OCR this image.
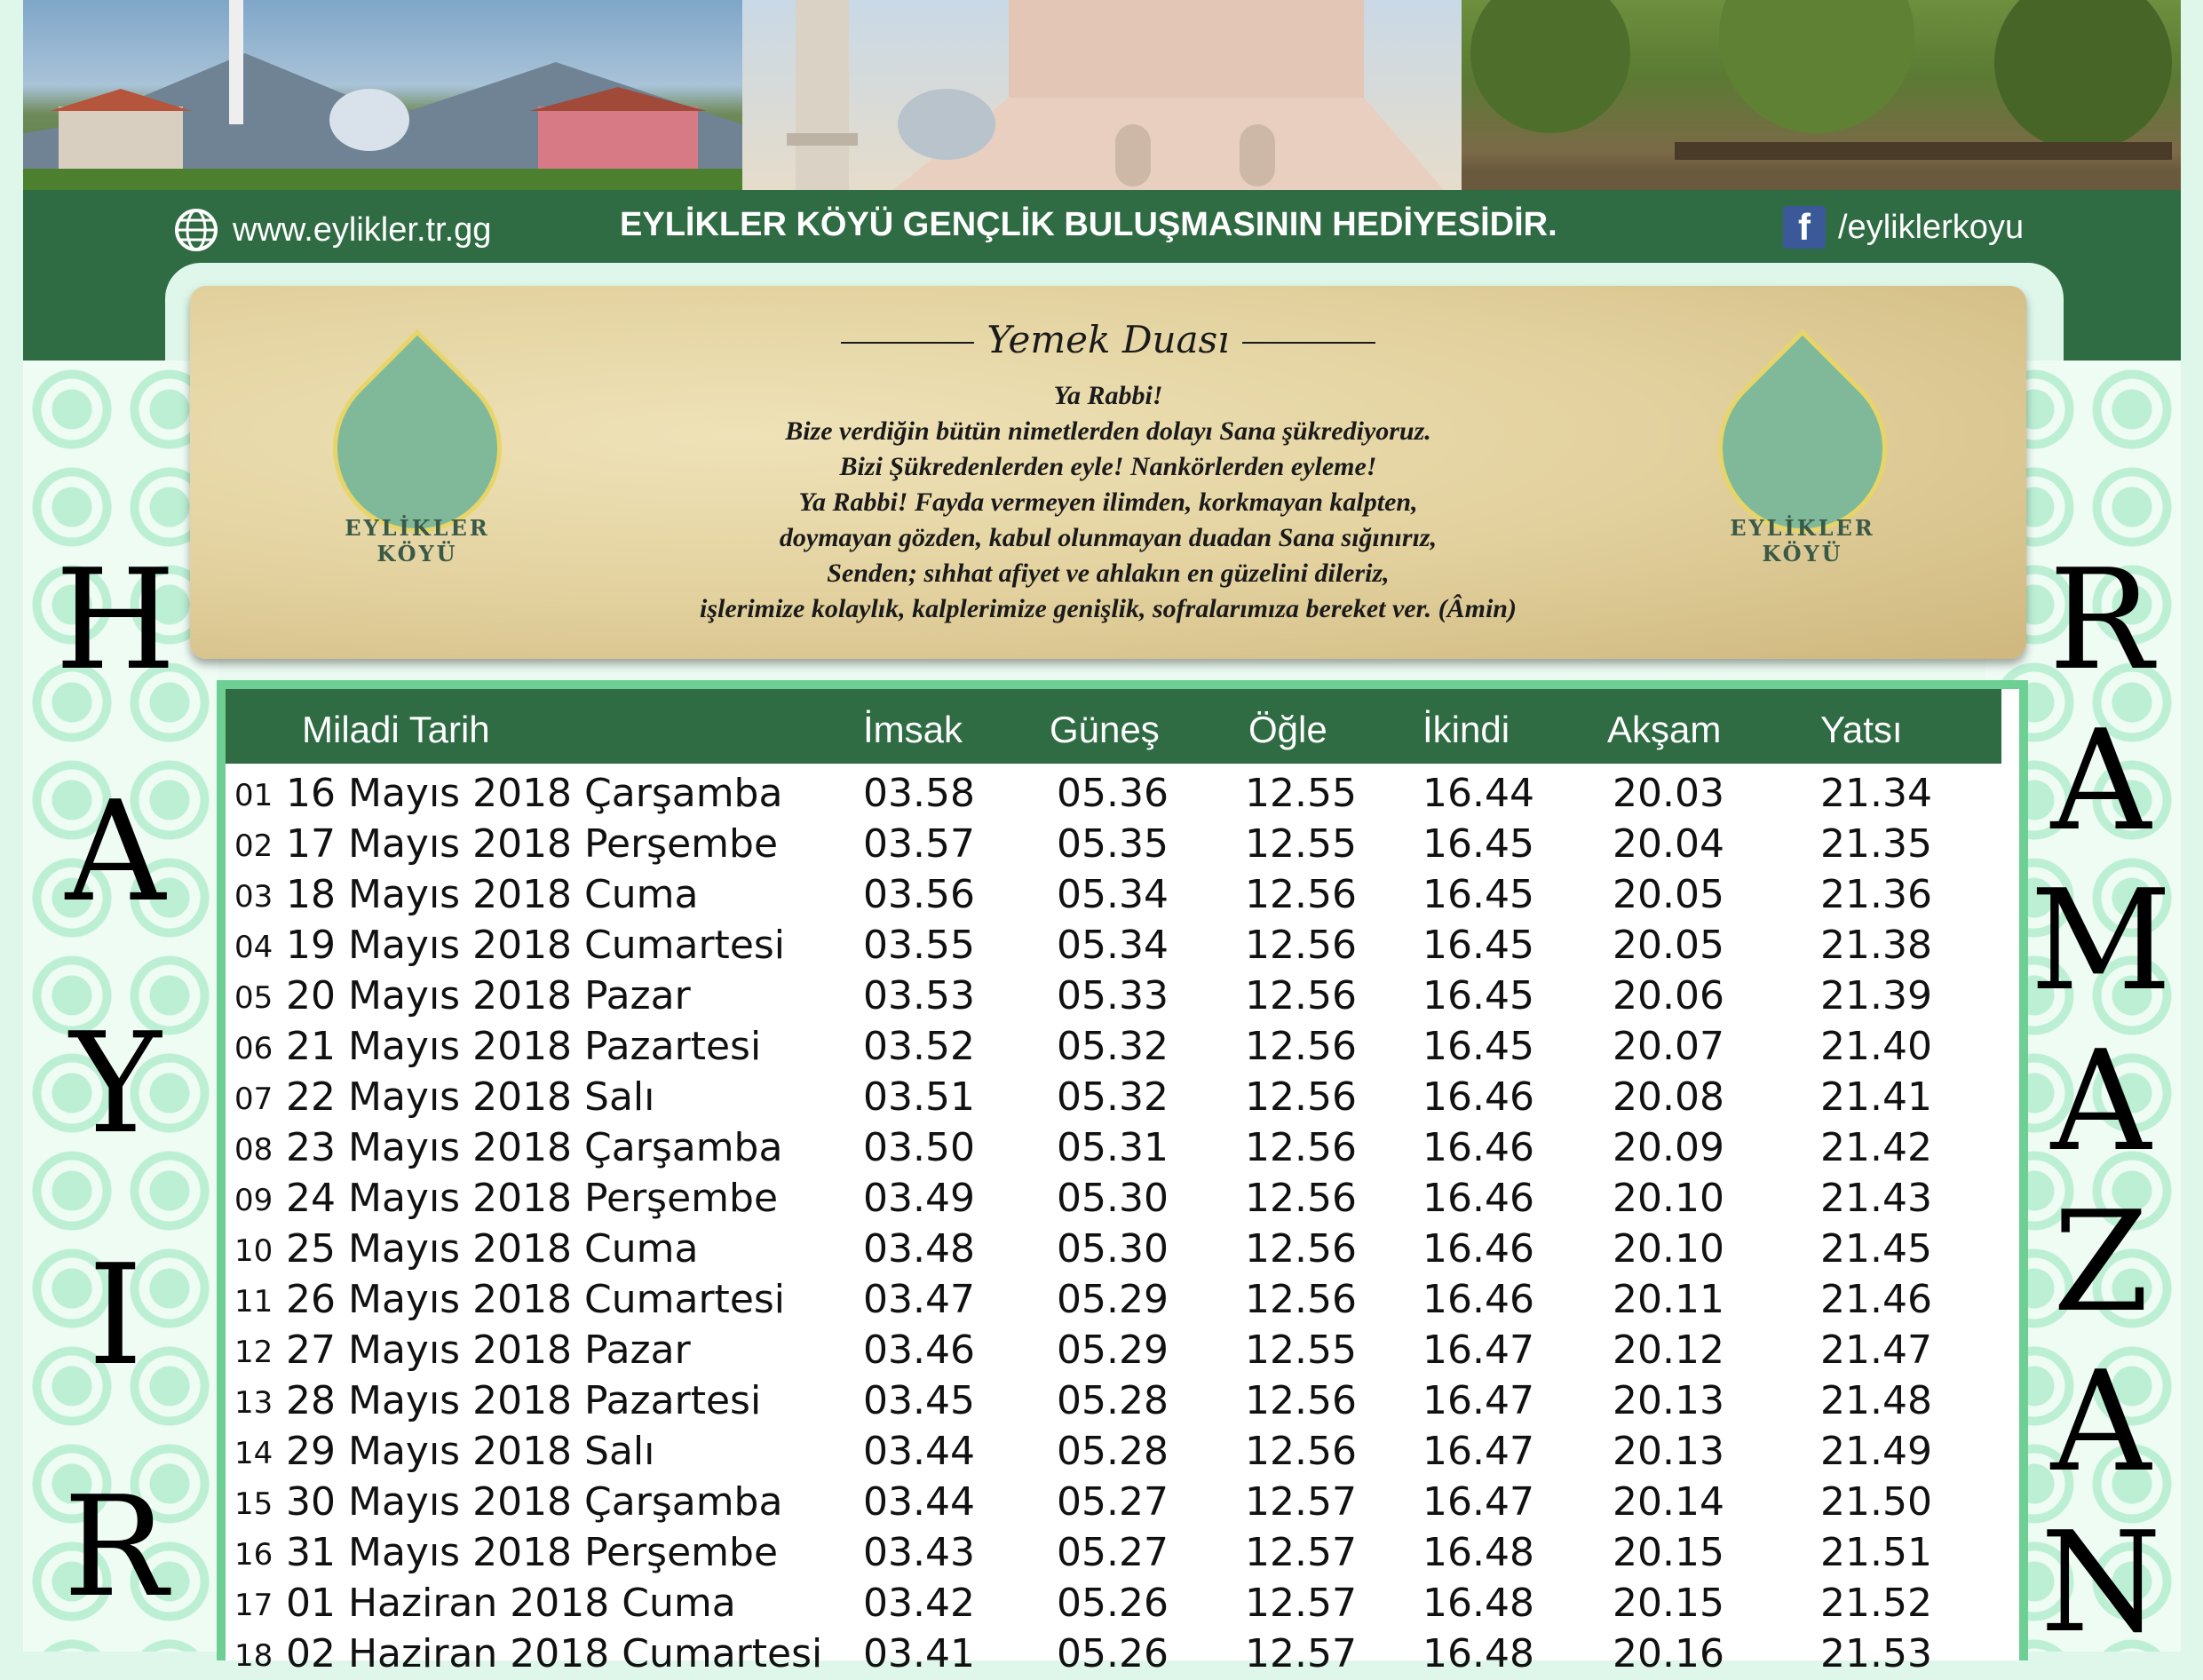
www.eylikler.tr.gg	EYLİKLER KÖYÜ GENÇLİK BULUŞMASININ HEDİYESİDİR.	f /eyliklerkoyu
H
A
Y
I
R
R
A
M
A
Z
A
N
Yemek Duası
Ya Rabbi!
Bize verdiğin bütün nimetlerden dolayı Sana şükrediyoruz.
Bizi Şükredenlerden eyle! Nankörlerden eyleme!
Ya Rabbi! Fayda vermeyen ilimden, korkmayan kalpten,
doymayan gözden, kabul olunmayan duadan Sana sığınırız,
Senden; sıhhat afiyet ve ahlakın en güzelini dileriz,
işlerimize kolaylık, kalplerimize genişlik, sofralarımıza bereket ver. (Âmin)
EYLİKLER KÖYÜ
EYLİKLER KÖYÜ
Miladi Tarih	İmsak Güneş Öğle	İkindi	Akşam	Yatsı
01 16 Mayıs 2018 Çarşamba 03.58 05.36 12.55 16.44 20.03 21.34
02 17 Mayıs 2018 Perşembe 03.57 05.35 12.55 16.45 20.04 21.35
03 18 Mayıs 2018 Cuma	03.56 05.34 12.56 16.45 20.05 21.36
04 19 Mayıs 2018 Cumartesi 03.55 05.34 12.56 16.45 20.05 21.38
05 20 Mayıs 2018 Pazar	03.53 05.33 12.56 16.45 20.06 21.39
06 21 Mayıs 2018 Pazartesi	03.52 05.32 12.56 16.45 20.07 21.40
07 22 Mayıs 2018 Salı	03.51 05.32 12.56 16.46 20.08 21.41
08 23 Mayıs 2018 Çarşamba 03.50 05.31 12.56 16.46 20.09 21.42
09 24 Mayıs 2018 Perşembe 03.49 05.30 12.56 16.46 20.10 21.43
10 25 Mayıs 2018 Cuma	03.48 05.30 12.56 16.46 20.10 21.45
11 26 Mayıs 2018 Cumartesi 03.47 05.29 12.56 16.46 20.11 21.46
12 27 Mayıs 2018 Pazar	03.46 05.29 12.55 16.47 20.12 21.47
13 28 Mayıs 2018 Pazartesi	03.45 05.28 12.56 16.47 20.13 21.48
14 29 Mayıs 2018 Salı	03.44 05.28 12.56 16.47 20.13 21.49
15 30 Mayıs 2018 Çarşamba 03.44 05.27 12.57 16.47 20.14 21.50
16 31 Mayıs 2018 Perşembe 03.43 05.27 12.57 16.48 20.15 21.51
17 01 Haziran 2018 Cuma	03.42 05.26 12.57 16.48 20.15 21.52
18 02 Haziran 2018 Cumartesi 03.41 05.26 12.57 16.48 20.16 21.53
